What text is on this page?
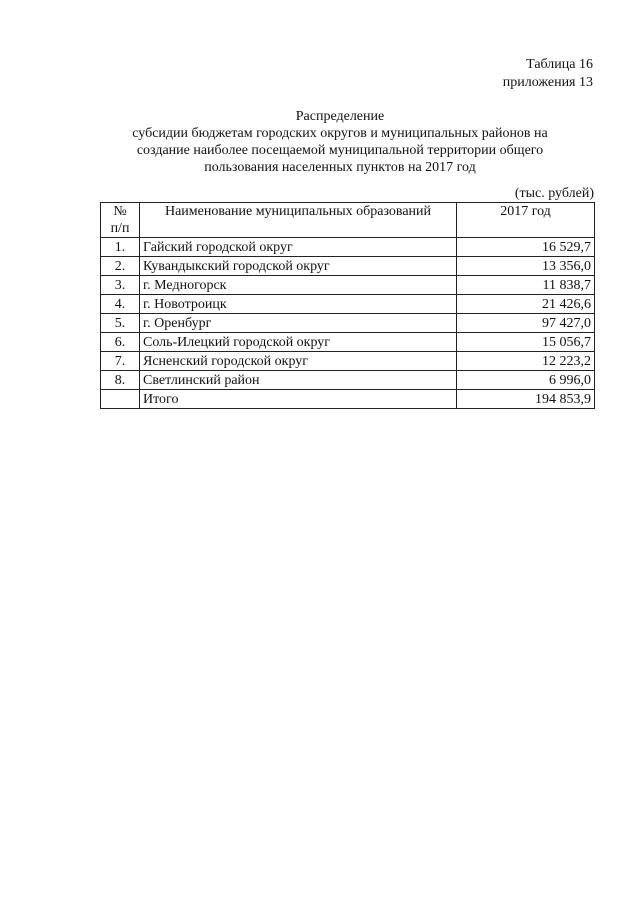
Таблица 16
приложения 13
Распределение
субсидии бюджетам городских округов и муниципальных районов на
создание наиболее посещаемой муниципальной территории общего
пользования населенных пунктов на 2017 год
(тыс. рублей)
№
п/п	Наименование муниципальных образований	2017 год
1.	Гайский городской округ	16 529,7
2.	Кувандыкский городской округ	13 356,0
3.	г. Медногорск	11 838,7
4.	г. Новотроицк	21 426,6
5.	г. Оренбург	97 427,0
6.	Соль-Илецкий городской округ	15 056,7
7.	Ясненский городской округ	12 223,2
8.	Светлинский район	6 996,0
	Итого	194 853,9
